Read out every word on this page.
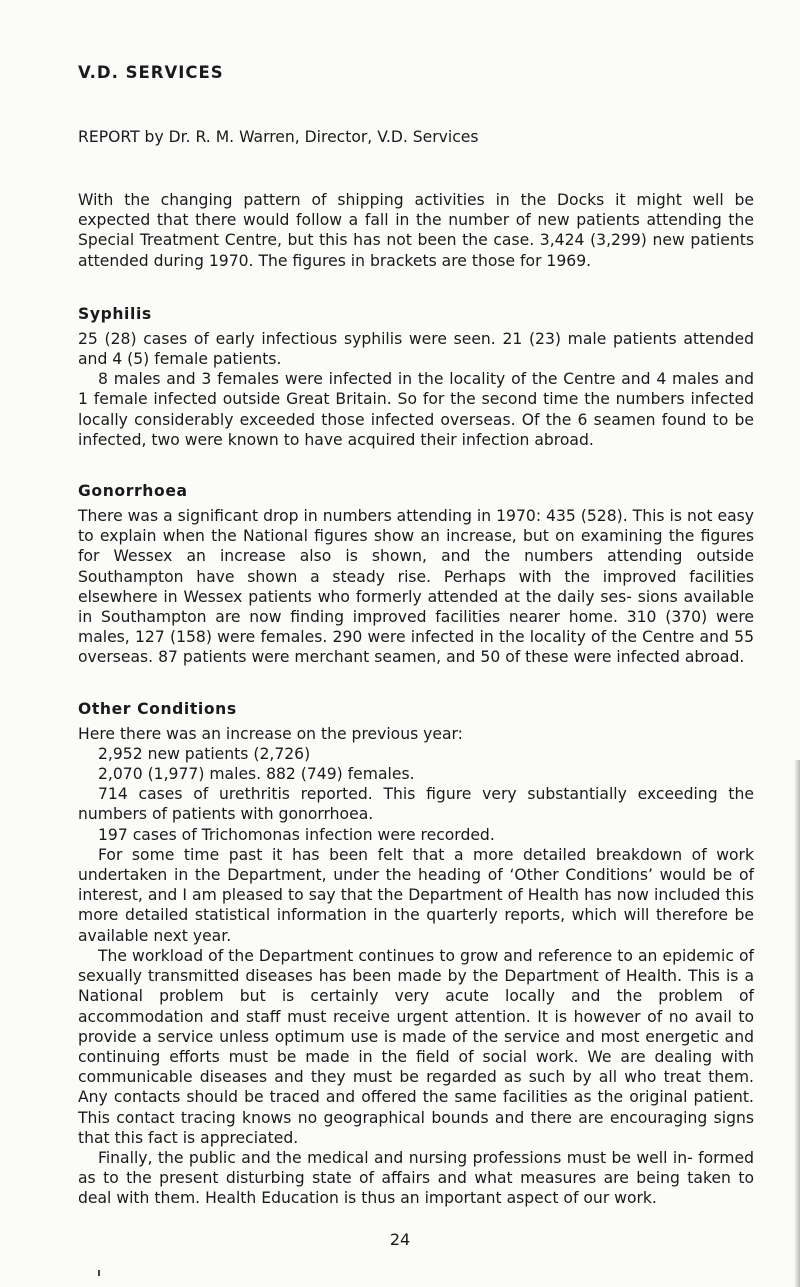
V.D. SERVICES

REPORT by Dr. R. M. Warren, Director, V.D. Services

With the changing pattern of shipping activities in the Docks it might well be expected that there would follow a fall in the number of new patients attending the Special Treatment Centre, but this has not been the case. 3,424 (3,299) new patients attended during 1970. The figures in brackets are those for 1969.

Syphilis

25 (28) cases of early infectious syphilis were seen. 21 (23) male patients attended and 4 (5) female patients.

8 males and 3 females were infected in the locality of the Centre and 4 males and 1 female infected outside Great Britain. So for the second time the numbers infected locally considerably exceeded those infected overseas. Of the 6 seamen found to be infected, two were known to have acquired their infection abroad.

Gonorrhoea

There was a significant drop in numbers attending in 1970: 435 (528). This is not easy to explain when the National figures show an increase, but on examining the figures for Wessex an increase also is shown, and the numbers attending outside Southampton have shown a steady rise. Perhaps with the improved facilities elsewhere in Wessex patients who formerly attended at the daily ses- sions available in Southampton are now finding improved facilities nearer home. 310 (370) were males, 127 (158) were females. 290 were infected in the locality of the Centre and 55 overseas. 87 patients were merchant seamen, and 50 of these were infected abroad.

Other Conditions

Here there was an increase on the previous year:

2,952 new patients (2,726)

2,070 (1,977) males. 882 (749) females.

714 cases of urethritis reported. This figure very substantially exceeding the numbers of patients with gonorrhoea.

197 cases of Trichomonas infection were recorded.

For some time past it has been felt that a more detailed breakdown of work undertaken in the Department, under the heading of ‘Other Conditions’ would be of interest, and I am pleased to say that the Department of Health has now included this more detailed statistical information in the quarterly reports, which will therefore be available next year.

The workload of the Department continues to grow and reference to an epidemic of sexually transmitted diseases has been made by the Department of Health. This is a National problem but is certainly very acute locally and the problem of accommodation and staff must receive urgent attention. It is however of no avail to provide a service unless optimum use is made of the service and most energetic and continuing efforts must be made in the field of social work. We are dealing with communicable diseases and they must be regarded as such by all who treat them. Any contacts should be traced and offered the same facilities as the original patient. This contact tracing knows no geographical bounds and there are encouraging signs that this fact is appreciated.

Finally, the public and the medical and nursing professions must be well in- formed as to the present disturbing state of affairs and what measures are being taken to deal with them. Health Education is thus an important aspect of our work.

24
